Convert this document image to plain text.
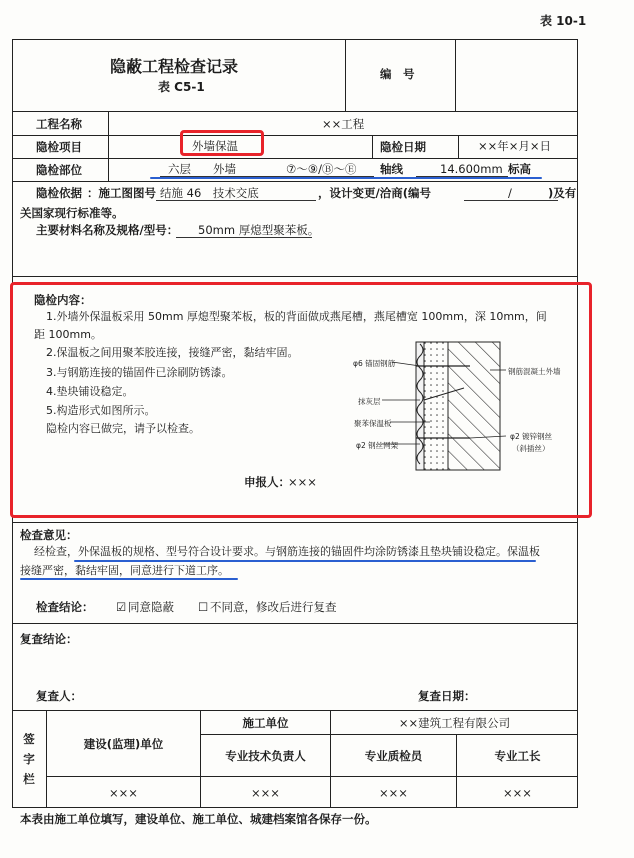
表 10-1
隐蔽工程检查记录
表 C5-1
编　号
工程名称	××工程
隐检项目	外墙保温	隐检日期	××年×月×日
隐检部位	六层 外墙	⑦～⑨/Ⓑ～Ⓔ 轴线	14.600mm 标高
隐检依据 ：施工图图号 结施 46　技术交底	，设计变更/洽商(编号	/	)及有
关国家现行标准等。
主要材料名称及规格/型号： 50mm 厚熄型聚苯板。
隐检内容：
1.外墙外保温板采用 50mm 厚熄型聚苯板，板的背面做成燕尾槽，燕尾槽宽 100mm，深 10mm，间
距 100mm。
2.保温板之间用聚苯胶连接，接缝严密，黏结牢固。
3.与钢筋连接的锚固件已涂刷防锈漆。
4.垫块铺设稳定。
5.构造形式如图所示。
隐检内容已做完，请予以检查。
φ6 锚固钢筋
钢筋混凝土外墙
抹灰层
聚苯保温板
φ2 钢丝网架
φ2 镀锌钢丝
（斜插丝）
申报人：
×××
检查意见：
经检查，外保温板的规格、型号符合设计要求。与钢筋连接的锚固件均涂防锈漆且垫块铺设稳定。保温板
接缝严密，黏结牢固，同意进行下道工序。
检查结论： ☑ 同意隐蔽 ☐ 不同意，修改后进行复查
复查结论：
复查人：	复查日期：
签
字
栏
建设(监理)单位
施工单位	××建筑工程有限公司
专业技术负责人	专业质检员	专业工长
×××	×××	×××	×××
本表由施工单位填写，建设单位、施工单位、城建档案馆各保存一份。
